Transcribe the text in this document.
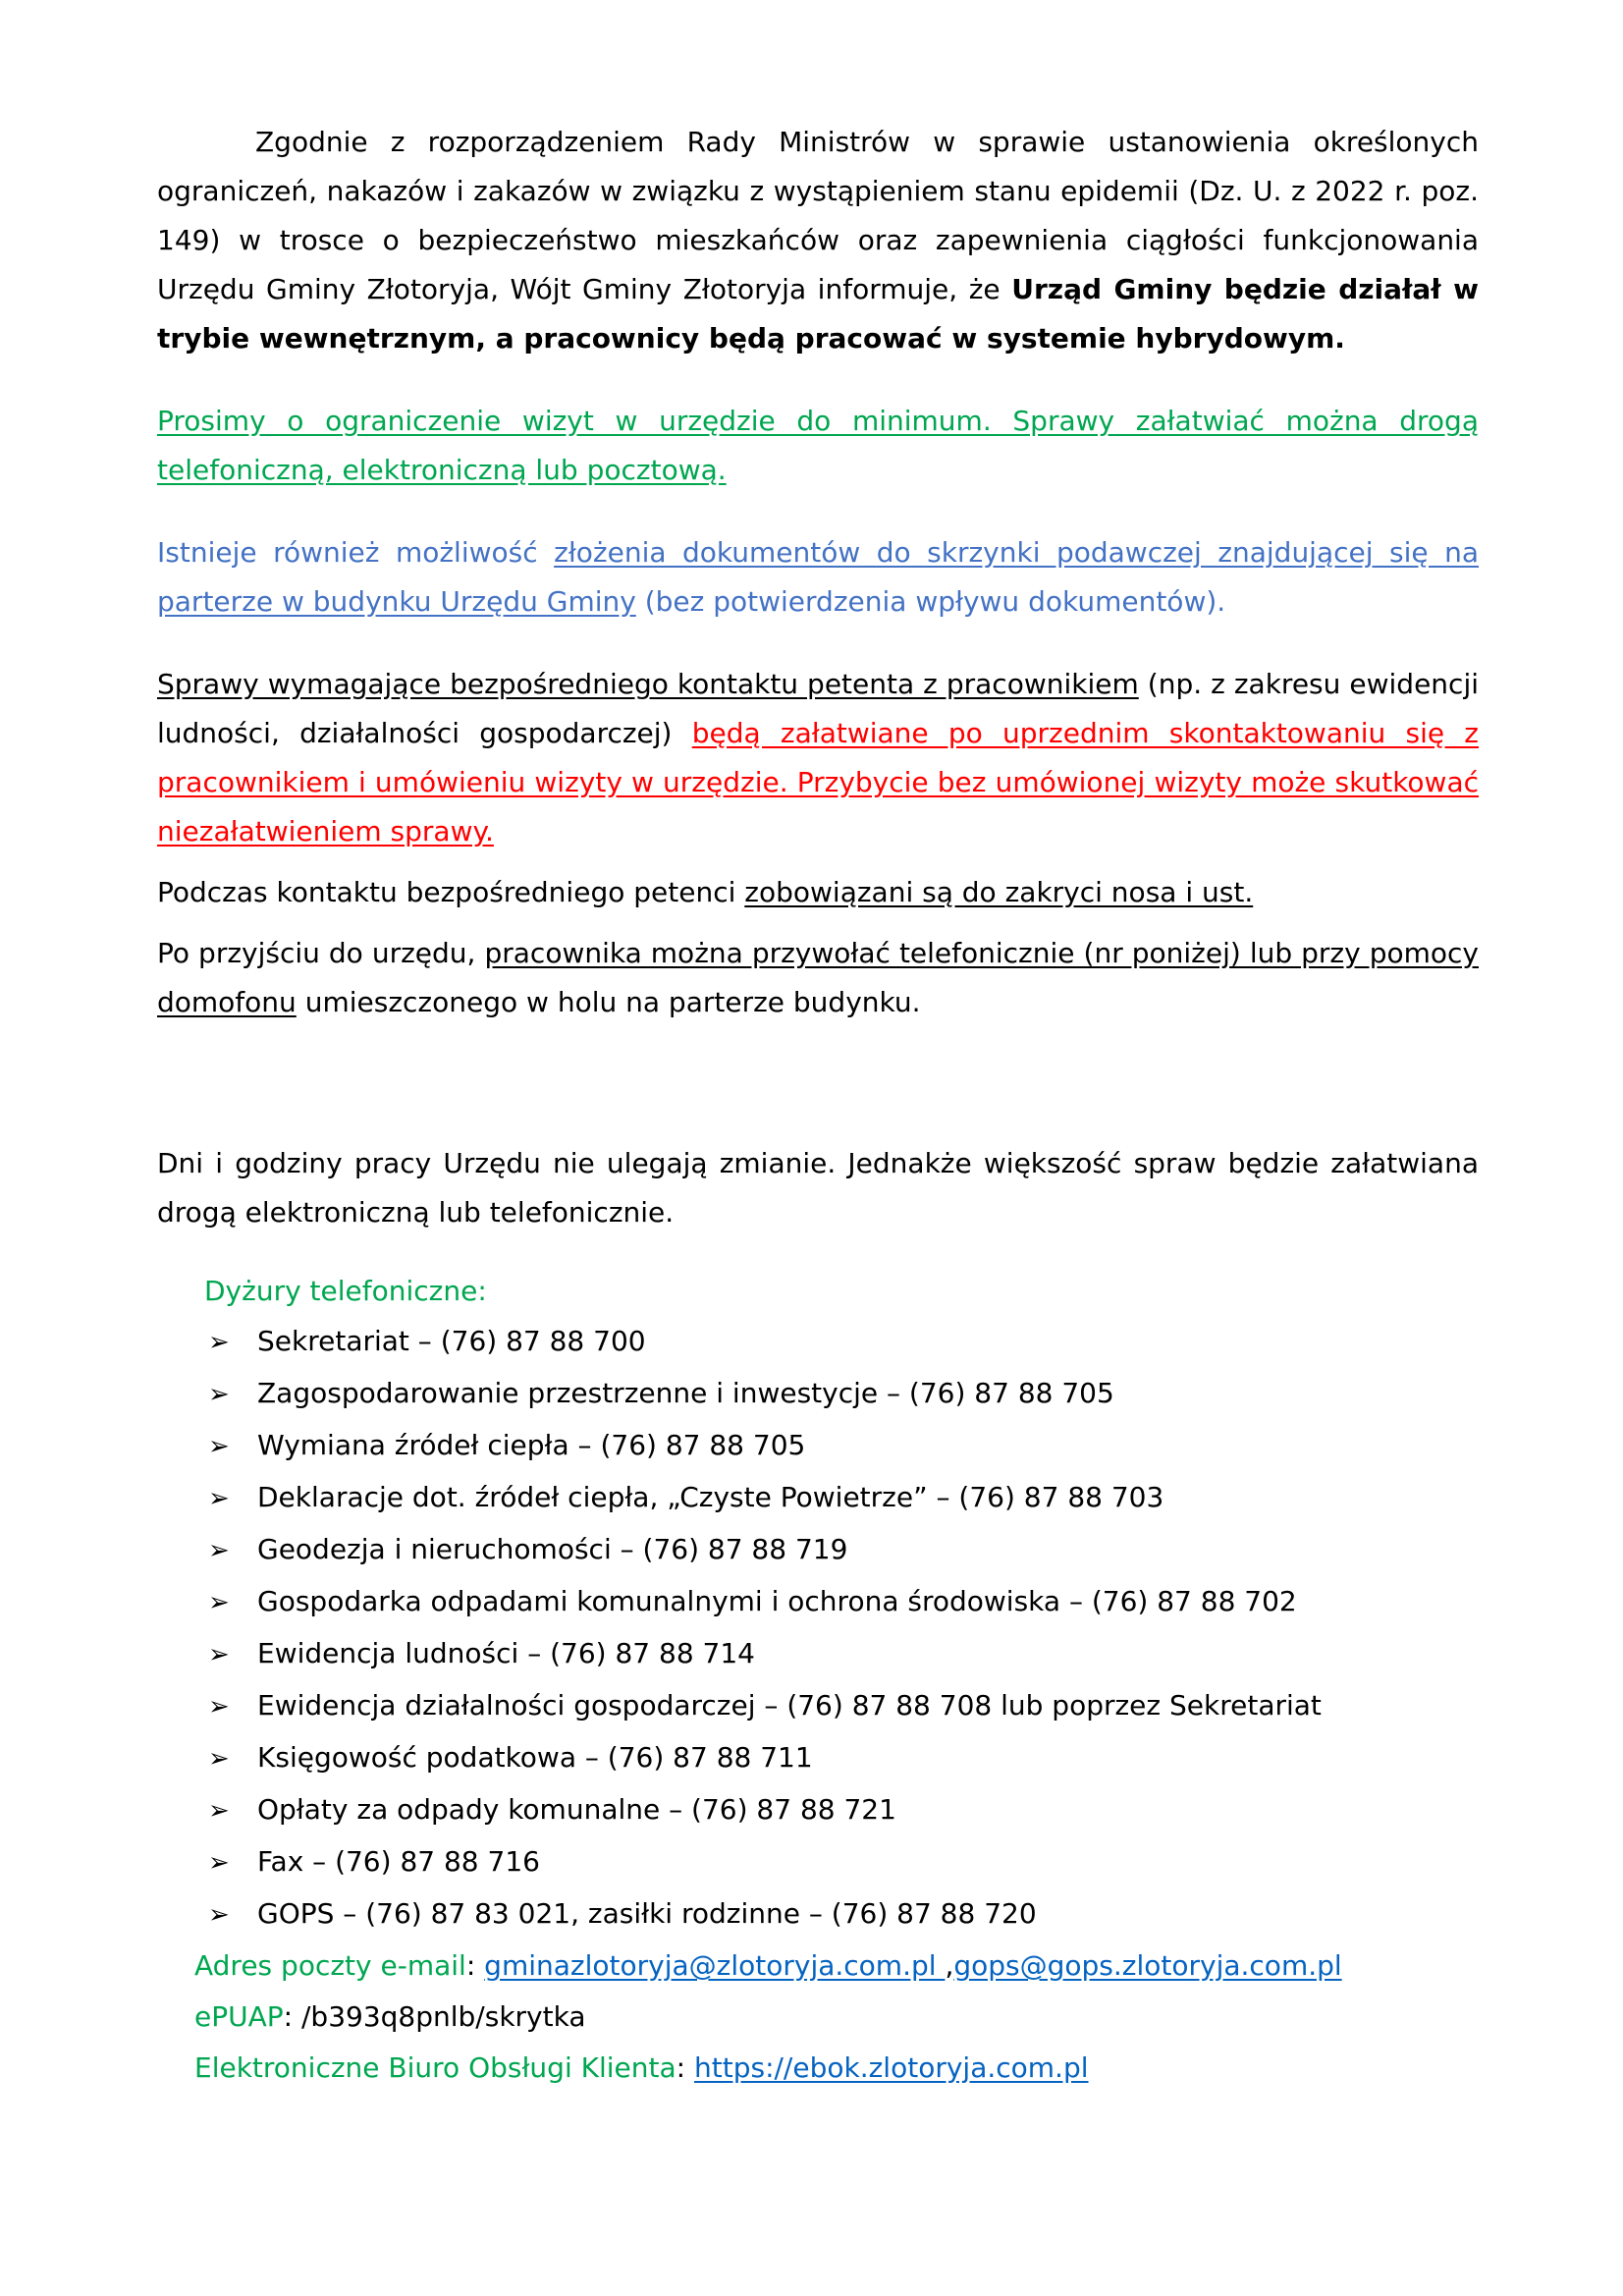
Zgodnie z rozporządzeniem Rady Ministrów w sprawie ustanowienia określonych ograniczeń, nakazów i zakazów w związku z wystąpieniem stanu epidemii (Dz. U. z 2022 r. poz. 149) w trosce o bezpieczeństwo mieszkańców oraz zapewnienia ciągłości funkcjonowania Urzędu Gminy Złotoryja, Wójt Gminy Złotoryja informuje, że Urząd Gminy będzie działał w trybie wewnętrznym, a pracownicy będą pracować w systemie hybrydowym.

Prosimy o ograniczenie wizyt w urzędzie do minimum. Sprawy załatwiać można drogą telefoniczną, elektroniczną lub pocztową.

Istnieje również możliwość złożenia dokumentów do skrzynki podawczej znajdującej się na parterze w budynku Urzędu Gminy (bez potwierdzenia wpływu dokumentów).

Sprawy wymagające bezpośredniego kontaktu petenta z pracownikiem (np. z zakresu ewidencji ludności, działalności gospodarczej) będą załatwiane po uprzednim skontaktowaniu się z pracownikiem i umówieniu wizyty w urzędzie. Przybycie bez umówionej wizyty może skutkować niezałatwieniem sprawy.

Podczas kontaktu bezpośredniego petenci zobowiązani są do zakryci nosa i ust.

Po przyjściu do urzędu, pracownika można przywołać telefonicznie (nr poniżej) lub przy pomocy domofonu umieszczonego w holu na parterze budynku.

Dni i godziny pracy Urzędu nie ulegają zmianie. Jednakże większość spraw będzie załatwiana drogą elektroniczną lub telefonicznie.

Dyżury telefoniczne:
➢	Sekretariat – (76) 87 88 700
➢	Zagospodarowanie przestrzenne i inwestycje – (76) 87 88 705
➢	Wymiana źródeł ciepła – (76) 87 88 705
➢	Deklaracje dot. źródeł ciepła, „Czyste Powietrze” – (76) 87 88 703
➢	Geodezja i nieruchomości – (76) 87 88 719
➢	Gospodarka odpadami komunalnymi i ochrona środowiska – (76) 87 88 702
➢	Ewidencja ludności – (76) 87 88 714
➢	Ewidencja działalności gospodarczej – (76) 87 88 708 lub poprzez Sekretariat
➢	Księgowość podatkowa – (76) 87 88 711
➢	Opłaty za odpady komunalne – (76) 87 88 721
➢	Fax – (76) 87 88 716
➢	GOPS – (76) 87 83 021, zasiłki rodzinne – (76) 87 88 720
Adres poczty e-mail: gminazlotoryja@zlotoryja.com.pl ,gops@gops.zlotoryja.com.pl
ePUAP: /b393q8pnlb/skrytka
Elektroniczne Biuro Obsługi Klienta: https://ebok.zlotoryja.com.pl
